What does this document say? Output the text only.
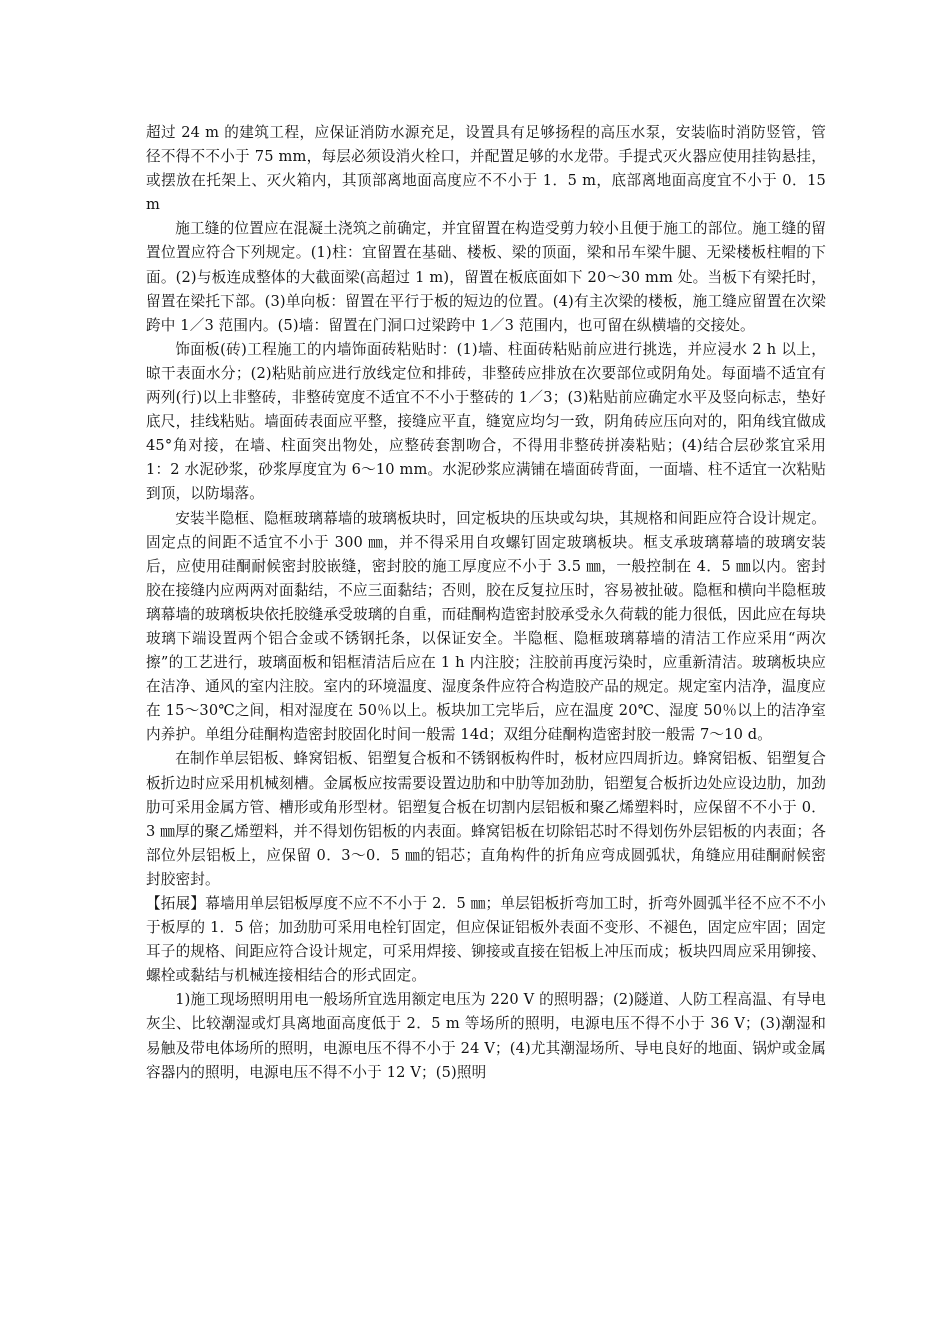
超过 24 m 的建筑工程，应保证消防水源充足，设置具有足够扬程的高压水泵，安装临时消防竖管，管径不得不不小于 75 mm，每层必须设消火栓口，并配置足够的水龙带。手提式灭火器应使用挂钩悬挂，或摆放在托架上、灭火箱内，其顶部离地面高度应不不小于 1．5 m，底部离地面高度宜不小于 0．15 m

施工缝的位置应在混凝土浇筑之前确定，并宜留置在构造受剪力较小且便于施工的部位。施工缝的留置位置应符合下列规定。(1)柱：宜留置在基础、楼板、梁的顶面，梁和吊车梁牛腿、无梁楼板柱帽的下面。(2)与板连成整体的大截面梁(高超过 1 m)，留置在板底面如下 20～30 mm 处。当板下有梁托时，留置在梁托下部。(3)单向板：留置在平行于板的短边的位置。(4)有主次梁的楼板，施工缝应留置在次梁跨中 1／3 范围内。(5)墙：留置在门洞口过梁跨中 1／3 范围内，也可留在纵横墙的交接处。

饰面板(砖)工程施工的内墙饰面砖粘贴时：(1)墙、柱面砖粘贴前应进行挑选，并应浸水 2 h 以上，晾干表面水分；(2)粘贴前应进行放线定位和排砖，非整砖应排放在次要部位或阴角处。每面墙不适宜有两列(行)以上非整砖，非整砖宽度不适宜不不小于整砖的 1／3；(3)粘贴前应确定水平及竖向标志，垫好底尺，挂线粘贴。墙面砖表面应平整，接缝应平直，缝宽应均匀一致，阴角砖应压向对的，阳角线宜做成 45°角对接，在墙、柱面突出物处，应整砖套割吻合，不得用非整砖拼凑粘贴；(4)结合层砂浆宜采用 1：2 水泥砂浆，砂浆厚度宜为 6～10 mm。水泥砂浆应满铺在墙面砖背面，一面墙、柱不适宜一次粘贴到顶，以防塌落。

安装半隐框、隐框玻璃幕墙的玻璃板块时，回定板块的压块或勾块，其规格和间距应符合设计规定。固定点的间距不适宜不小于 300 ㎜，并不得采用自攻螺钉固定玻璃板块。框支承玻璃幕墙的玻璃安装后，应使用硅酮耐候密封胶嵌缝，密封胶的施工厚度应不小于 3.5 ㎜，一般控制在 4．5 ㎜以内。密封胶在接缝内应两两对面黏结，不应三面黏结；否则，胶在反复拉压时，容易被扯破。隐框和横向半隐框玻璃幕墙的玻璃板块依托胶缝承受玻璃的自重，而硅酮构造密封胶承受永久荷载的能力很低，因此应在每块玻璃下端设置两个铝合金或不锈钢托条，以保证安全。半隐框、隐框玻璃幕墙的清洁工作应采用“两次擦”的工艺进行，玻璃面板和铝框清洁后应在 1 h 内注胶；注胶前再度污染时，应重新清洁。玻璃板块应在洁净、通风的室内注胶。室内的环境温度、湿度条件应符合构造胶产品的规定。规定室内洁净，温度应在 15～30℃之间，相对湿度在 50％以上。板块加工完毕后，应在温度 20℃、湿度 50％以上的洁净室内养护。单组分硅酮构造密封胶固化时间一般需 14d；双组分硅酮构造密封胶一般需 7～10 d。

在制作单层铝板、蜂窝铝板、铝塑复合板和不锈钢板构件时，板材应四周折边。蜂窝铝板、铝塑复合板折边时应采用机械刻槽。金属板应按需要设置边肋和中肋等加劲肋，铝塑复合板折边处应设边肋，加劲肋可采用金属方管、槽形或角形型材。铝塑复合板在切割内层铝板和聚乙烯塑料时，应保留不不小于 0．3 ㎜厚的聚乙烯塑料，并不得划伤铝板的内表面。蜂窝铝板在切除铝芯时不得划伤外层铝板的内表面；各部位外层铝板上，应保留 0．3～0．5 ㎜的铝芯；直角构件的折角应弯成圆弧状，角缝应用硅酮耐候密封胶密封。

【拓展】幕墙用单层铝板厚度不应不不小于 2．5 ㎜；单层铝板折弯加工时，折弯外圆弧半径不应不不小于板厚的 1．5 倍；加劲肋可采用电栓钉固定，但应保证铝板外表面不变形、不褪色，固定应牢固；固定耳子的规格、间距应符合设计规定，可采用焊接、铆接或直接在铝板上冲压而成；板块四周应采用铆接、螺栓或黏结与机械连接相结合的形式固定。

1)施工现场照明用电一般场所宜选用额定电压为 220 V 的照明器；(2)隧道、人防工程高温、有导电灰尘、比较潮湿或灯具离地面高度低于 2．5 m 等场所的照明，电源电压不得不小于 36 V；(3)潮湿和易触及带电体场所的照明，电源电压不得不小于 24 V；(4)尤其潮湿场所、导电良好的地面、锅炉或金属容器内的照明，电源电压不得不小于 12 V；(5)照明
